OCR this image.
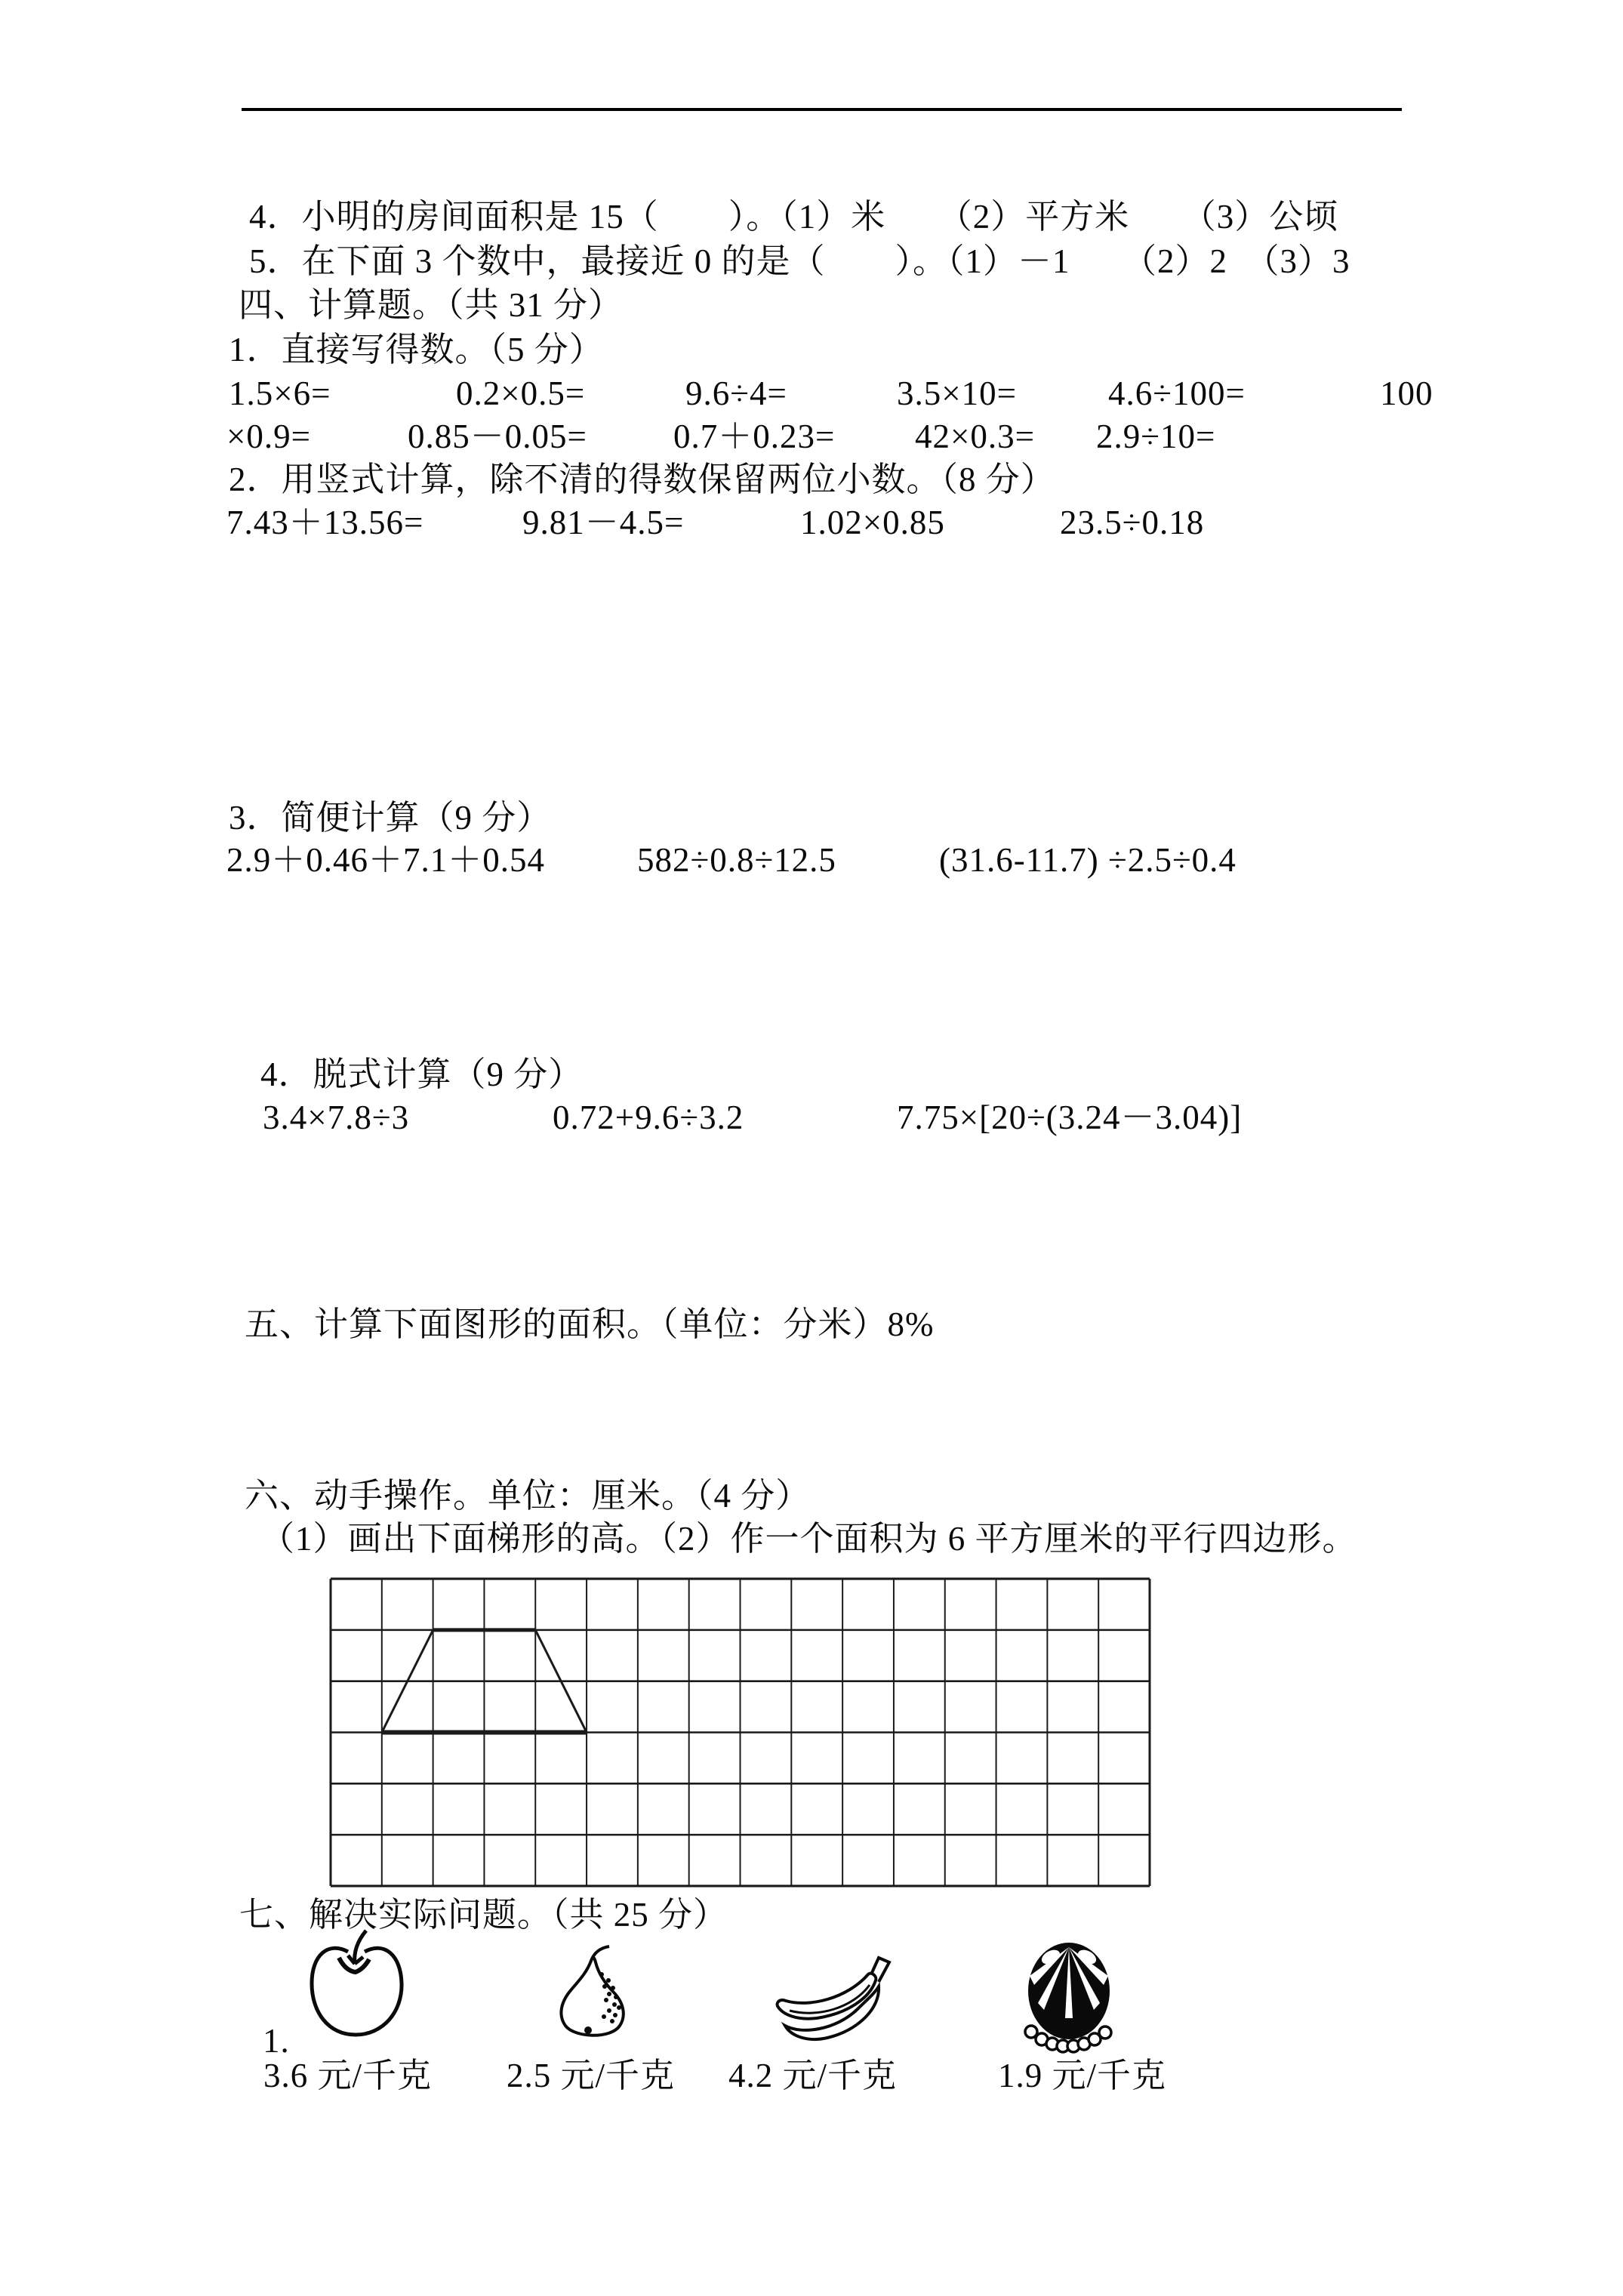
4．小明的房间面积是 15（　　）。（1）米　　（2）平方米　　（3）公顷
5．在下面 3 个数中，最接近 0 的是（　　）。（1）－1　　（2）2　（3）3
四、计算题。（共 31 分）
1．直接写得数。（5 分）
1.5×6=	0.2×0.5=	9.6÷4=	3.5×10=	4.6÷100=	100
×0.9=	0.85－0.05=	0.7＋0.23= 42×0.3= 2.9÷10=
2．用竖式计算，除不清的得数保留两位小数。（8 分）
7.43＋13.56=	9.81－4.5=	1.02×0.85	23.5÷0.18
3．简便计算（9 分）
2.9＋0.46＋7.1＋0.54	582÷0.8÷12.5	(31.6-11.7) ÷2.5÷0.4
4．脱式计算（9 分）
3.4×7.8÷3	0.72+9.6÷3.2	7.75×[20÷(3.24－3.04)]
五、计算下面图形的面积。（单位：分米）8%
六、动手操作。单位：厘米。（4 分）
（1）画出下面梯形的高。（2）作一个面积为 6 平方厘米的平行四边形。
七、解决实际问题。（共 25 分）
1.
3.6 元/千克 2.5 元/千克 4.2 元/千克	1.9 元/千克
